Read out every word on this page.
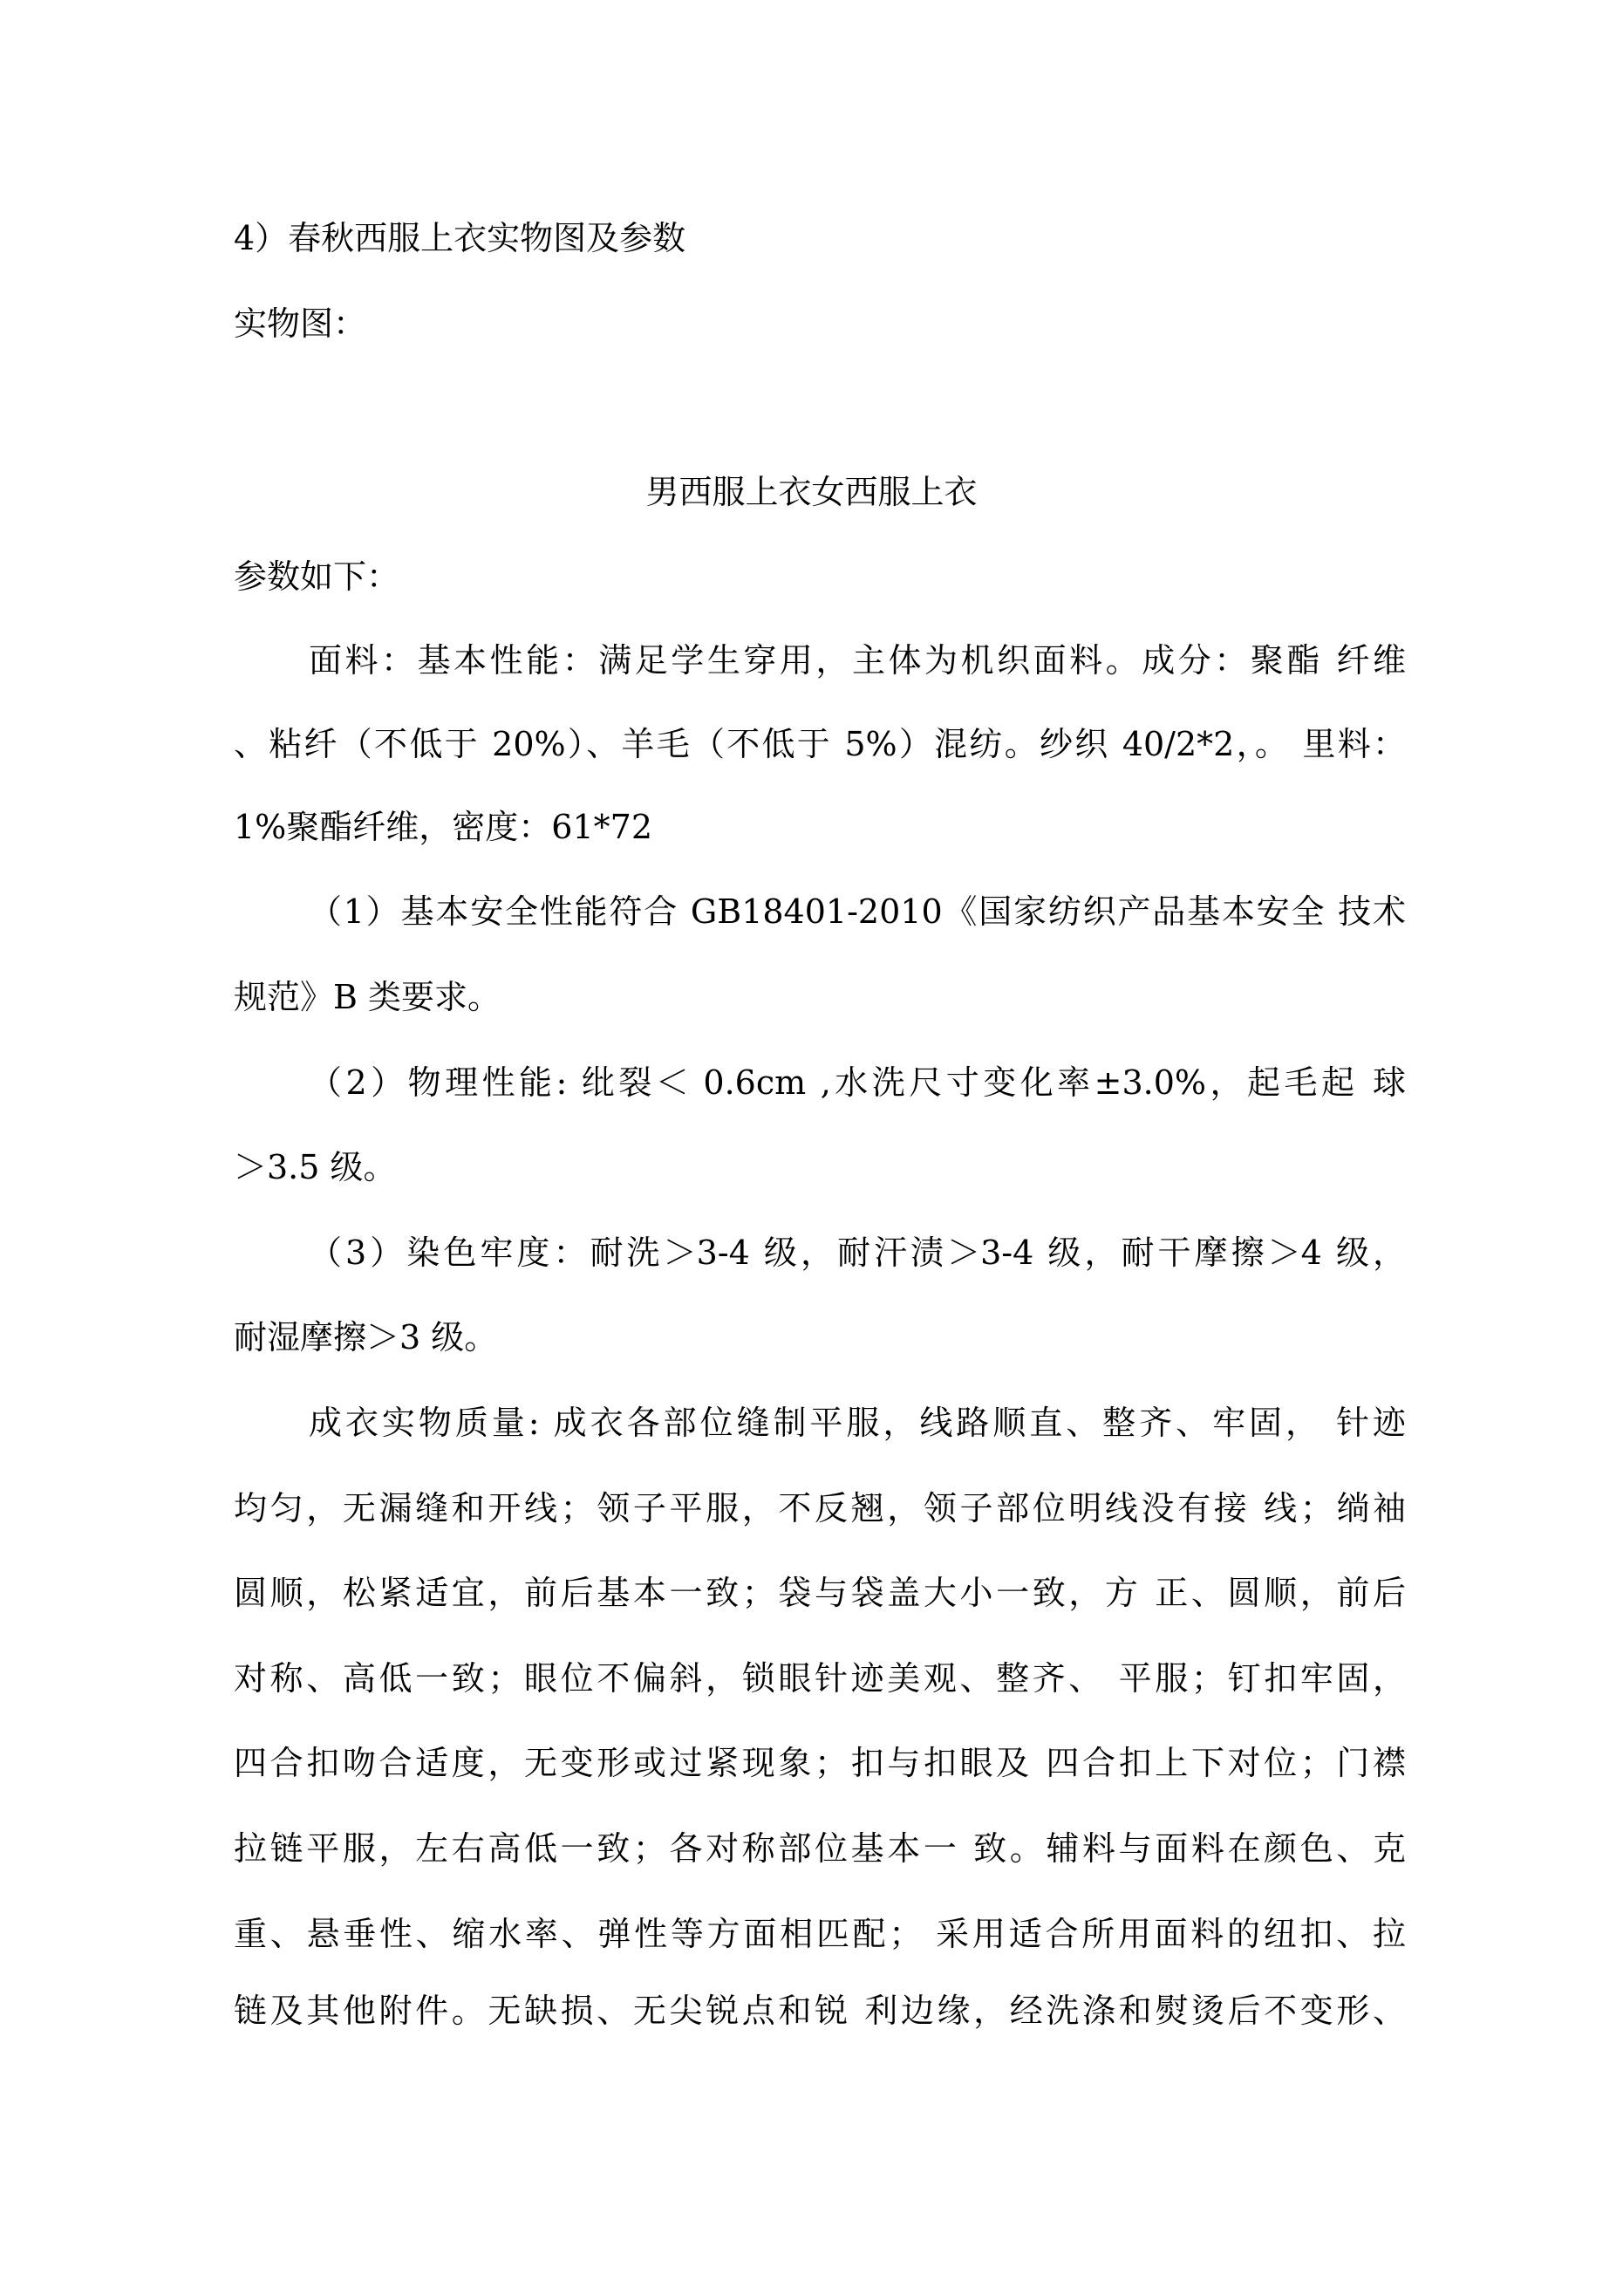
4）春秋西服上衣实物图及参数
实物图：
男西服上衣女西服上衣
参数如下：
面料：基本性能：满足学生穿用，主体为机织面料。成分：聚酯 纤维
、粘纤（不低于 20%）、羊毛（不低于 5%）混纺。纱织 40/2*2，。 里料：
1%聚酯纤维，密度：61*72
（1）基本安全性能符合 GB18401-2010《国家纺织产品基本安全 技术
规范》B 类要求。
（2）物理性能: 纰裂＜ 0.6cm ,水洗尺寸变化率±3.0%，起毛起 球
＞3.5 级。
（3）染色牢度：耐洗＞3-4 级，耐汗渍＞3-4 级，耐干摩擦＞4 级，
耐湿摩擦＞3 级。
成衣实物质量: 成衣各部位缝制平服，线路顺直、整齐、牢固， 针迹
均匀，无漏缝和开线；领子平服，不反翘，领子部位明线没有接 线；绱袖
圆顺，松紧适宜，前后基本一致；袋与袋盖大小一致，方 正、圆顺，前后
对称、高低一致；眼位不偏斜，锁眼针迹美观、整齐、 平服；钉扣牢固，
四合扣吻合适度，无变形或过紧现象；扣与扣眼及 四合扣上下对位；门襟
拉链平服，左右高低一致；各对称部位基本一 致。辅料与面料在颜色、克
重、悬垂性、缩水率、弹性等方面相匹配； 采用适合所用面料的纽扣、拉
链及其他附件。无缺损、无尖锐点和锐 利边缘，经洗涤和熨烫后不变形、
